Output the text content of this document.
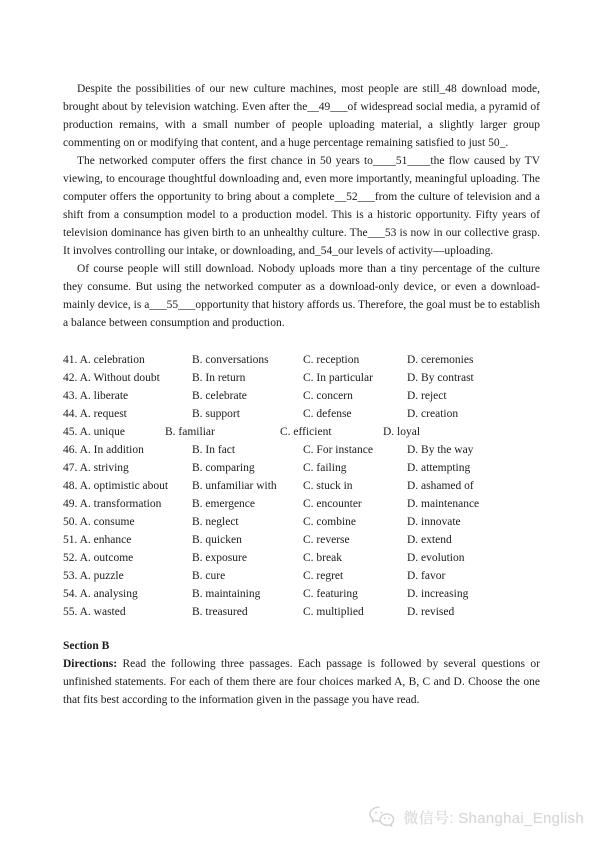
Despite the possibilities of our new culture machines, most people are still_48 download mode, brought about by television watching. Even after the__49___of widespread social media, a pyramid of production remains, with a small number of people uploading material, a slightly larger group commenting on or modifying that content, and a huge percentage remaining satisfied to just 50_.

The networked computer offers the first chance in 50 years to____51____the flow caused by TV viewing, to encourage thoughtful downloading and, even more importantly, meaningful uploading. The computer offers the opportunity to bring about a complete__52___from the culture of television and a shift from a consumption model to a production model. This is a historic opportunity. Fifty years of television dominance has given birth to an unhealthy culture. The___53 is now in our collective grasp. It involves controlling our intake, or downloading, and_54_our levels of activity—uploading.

Of course people will still download. Nobody uploads more than a tiny percentage of the culture they consume. But using the networked computer as a download-only device, or even a download-mainly device, is a___55___opportunity that history affords us. Therefore, the goal must be to establish a balance between consumption and production.

41. A. celebration	B. conversations	C. reception	D. ceremonies
42. A. Without doubt	B. In return	C. In particular	D. By contrast
43. A. liberate	B. celebrate	C. concern	D. reject
44. A. request	B. support	C. defense	D. creation
45. A. unique	B. familiar	C. efficient	D. loyal
46. A. In addition	B. In fact	C. For instance	D. By the way
47. A. striving	B. comparing	C. failing	D. attempting
48. A. optimistic about	B. unfamiliar with	C. stuck in	D. ashamed of
49. A. transformation	B. emergence	C. encounter	D. maintenance
50. A. consume	B. neglect	C. combine	D. innovate
51. A. enhance	B. quicken	C. reverse	D. extend
52. A. outcome	B. exposure	C. break	D. evolution
53. A. puzzle	B. cure	C. regret	D. favor
54. A. analysing	B. maintaining	C. featuring	D. increasing
55. A. wasted	B. treasured	C. multiplied	D. revised

Section B

Directions: Read the following three passages. Each passage is followed by several questions or unfinished statements. For each of them there are four choices marked A, B, C and D. Choose the one that fits best according to the information given in the passage you have read.

微信号: Shanghai_English
